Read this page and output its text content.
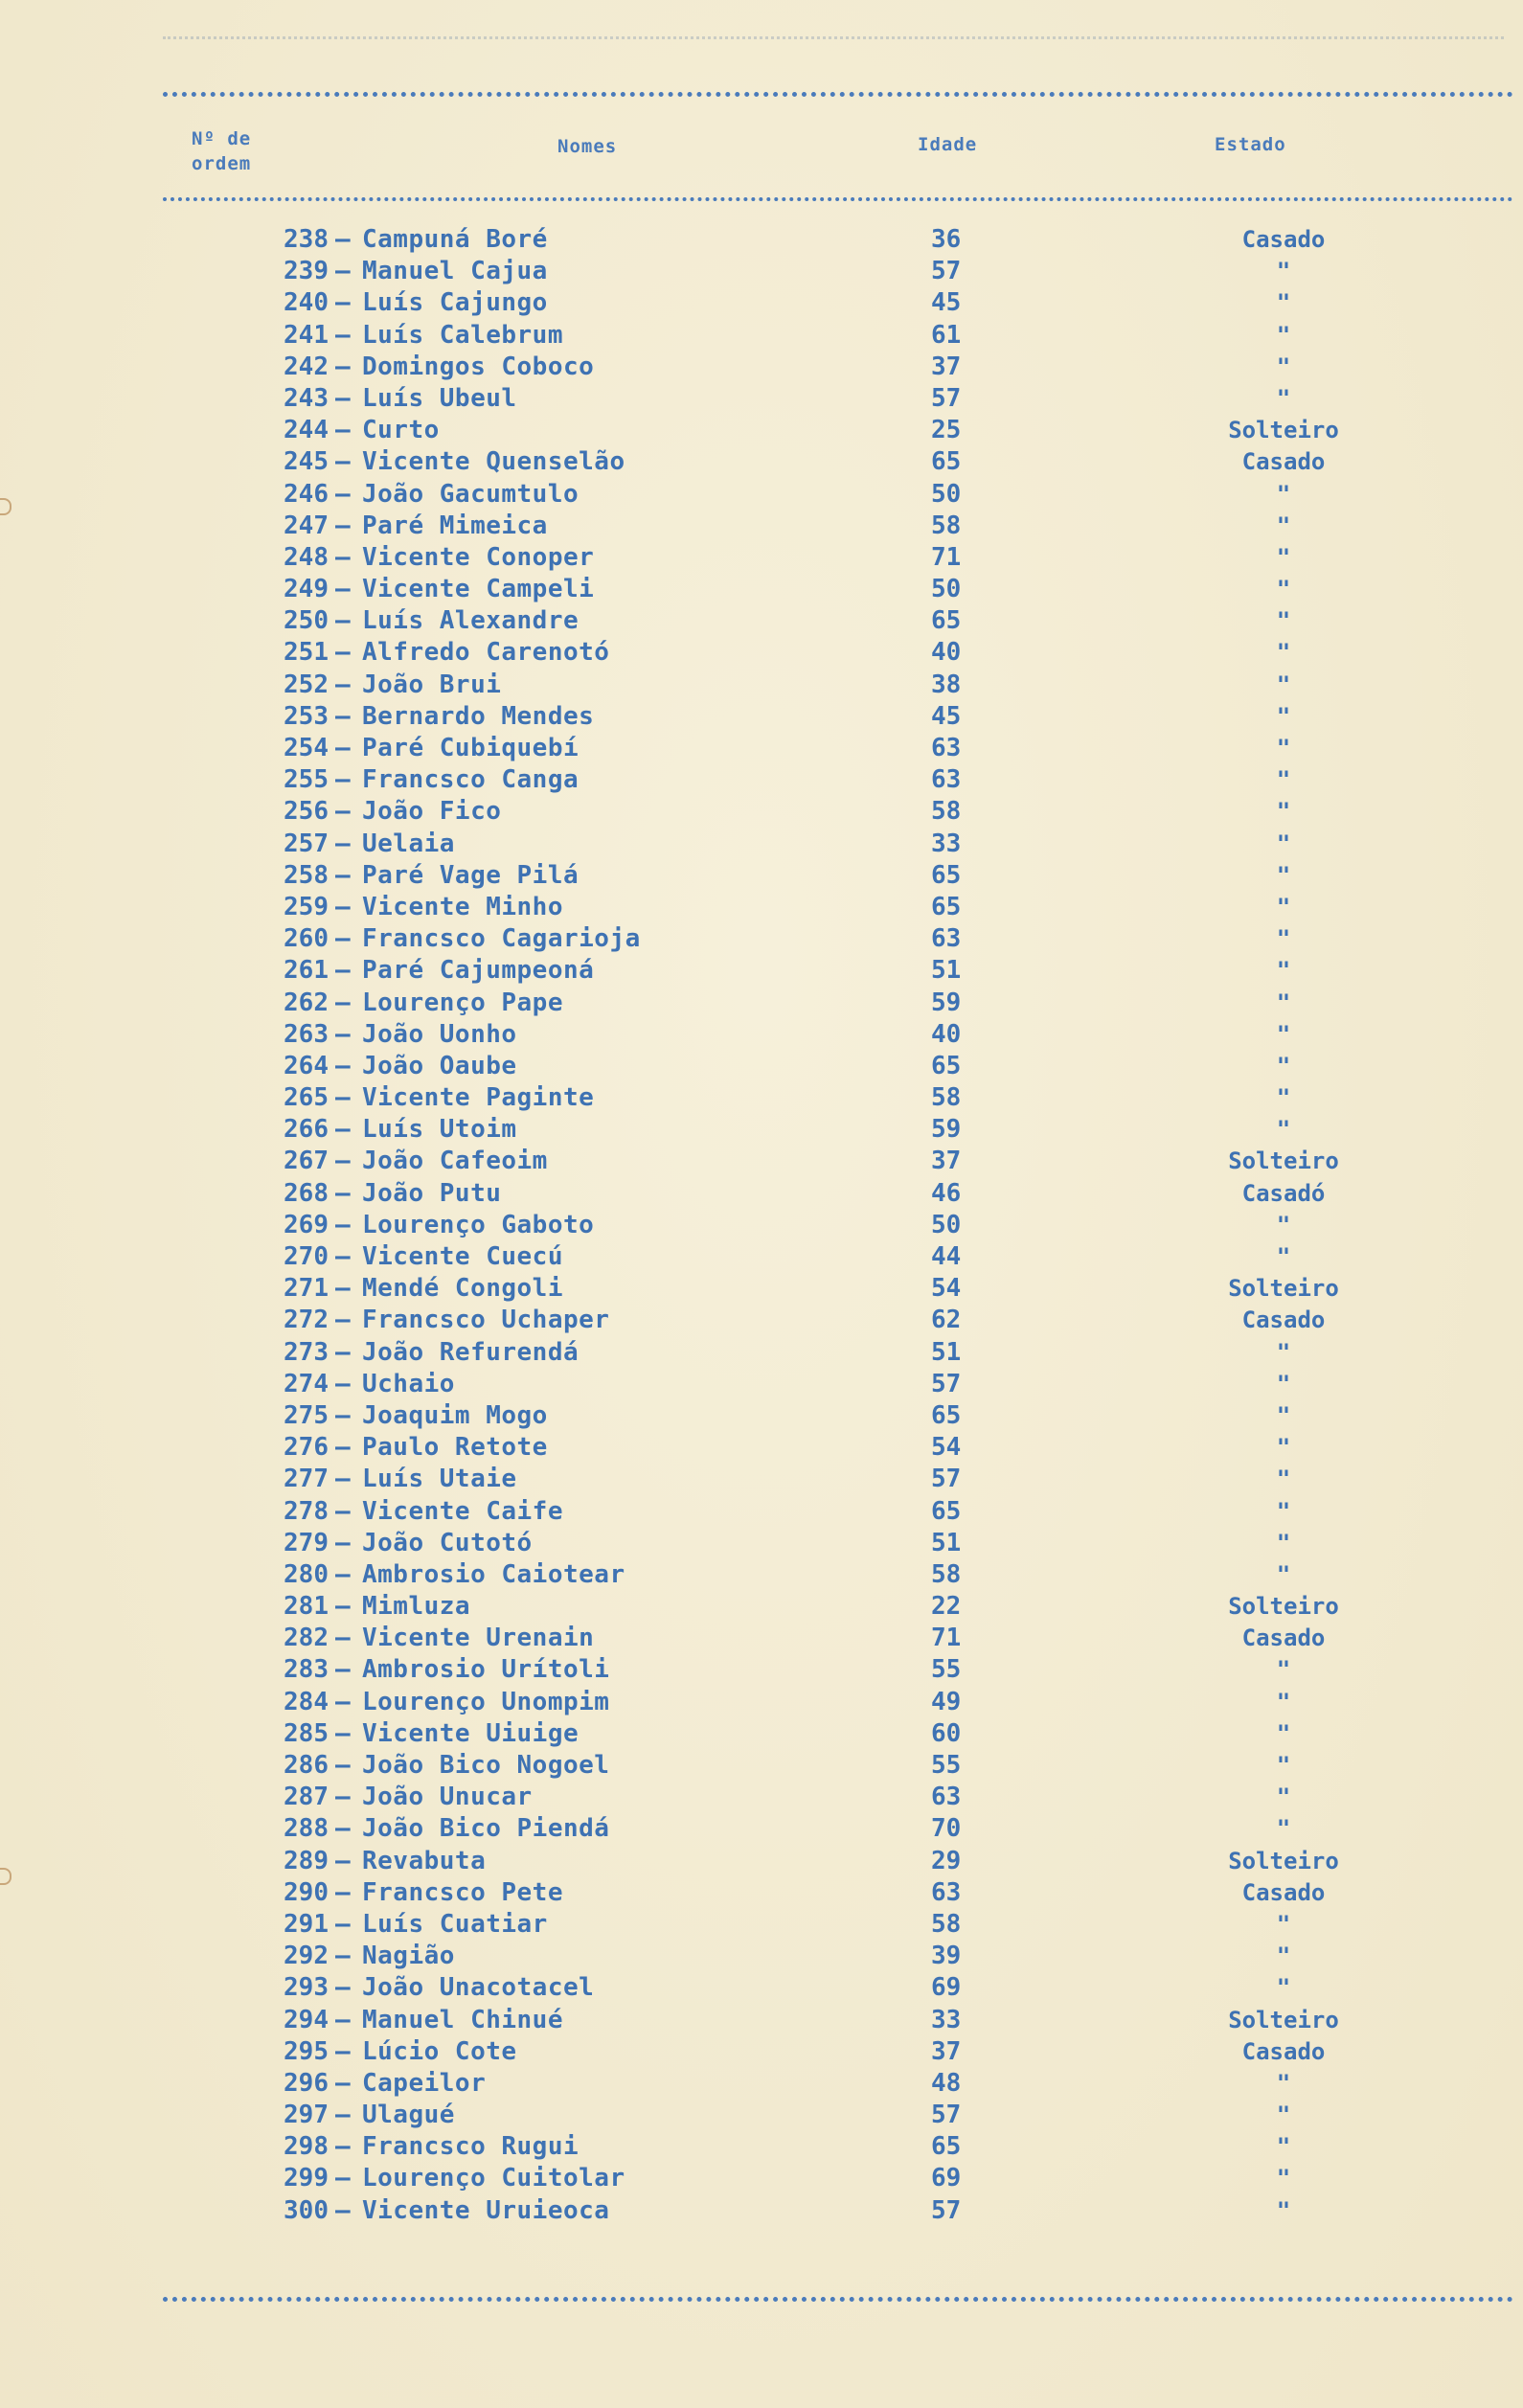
Nº de
ordem
Nomes	Idade	Estado
238 – Campuná Boré	36	Casado
239 – Manuel Cajua	57	"
240 – Luís Cajungo	45	"
241 – Luís Calebrum	61	"
242 – Domingos Coboco	37	"
243 – Luís Ubeul	57	"
244 – Curto	25	Solteiro
245 – Vicente Quenselão	65	Casado
246 – João Gacumtulo	50	"
247 – Paré Mimeica	58	"
248 – Vicente Conoper	71	"
249 – Vicente Campeli	50	"
250 – Luís Alexandre	65	"
251 – Alfredo Carenotó	40	"
252 – João Brui	38	"
253 – Bernardo Mendes	45	"
254 – Paré Cubiquebí	63	"
255 – Francsco Canga	63	"
256 – João Fico	58	"
257 – Uelaia	33	"
258 – Paré Vage Pilá	65	"
259 – Vicente Minho	65	"
260 – Francsco Cagarioja	63	"
261 – Paré Cajumpeoná	51	"
262 – Lourenço Pape	59	"
263 – João Uonho	40	"
264 – João Oaube	65	"
265 – Vicente Paginte	58	"
266 – Luís Utoim	59	"
267 – João Cafeoim	37	Solteiro
268 – João Putu	46	Casadó
269 – Lourenço Gaboto	50	"
270 – Vicente Cuecú	44	"
271 – Mendé Congoli	54	Solteiro
272 – Francsco Uchaper	62	Casado
273 – João Refurendá	51	"
274 – Uchaio	57	"
275 – Joaquim Mogo	65	"
276 – Paulo Retote	54	"
277 – Luís Utaie	57	"
278 – Vicente Caife	65	"
279 – João Cutotó	51	"
280 – Ambrosio Caiotear	58	"
281 – Mimluza	22	Solteiro
282 – Vicente Urenain	71	Casado
283 – Ambrosio Urítoli	55	"
284 – Lourenço Unompim	49	"
285 – Vicente Uiuige	60	"
286 – João Bico Nogoel	55	"
287 – João Unucar	63	"
288 – João Bico Piendá	70	"
289 – Revabuta	29	Solteiro
290 – Francsco Pete	63	Casado
291 – Luís Cuatiar	58	"
292 – Nagião	39	"
293 – João Unacotacel	69	"
294 – Manuel Chinué	33	Solteiro
295 – Lúcio Cote	37	Casado
296 – Capeilor	48	"
297 – Ulagué	57	"
298 – Francsco Rugui	65	"
299 – Lourenço Cuitolar	69	"
300 – Vicente Uruieoca	57	"
